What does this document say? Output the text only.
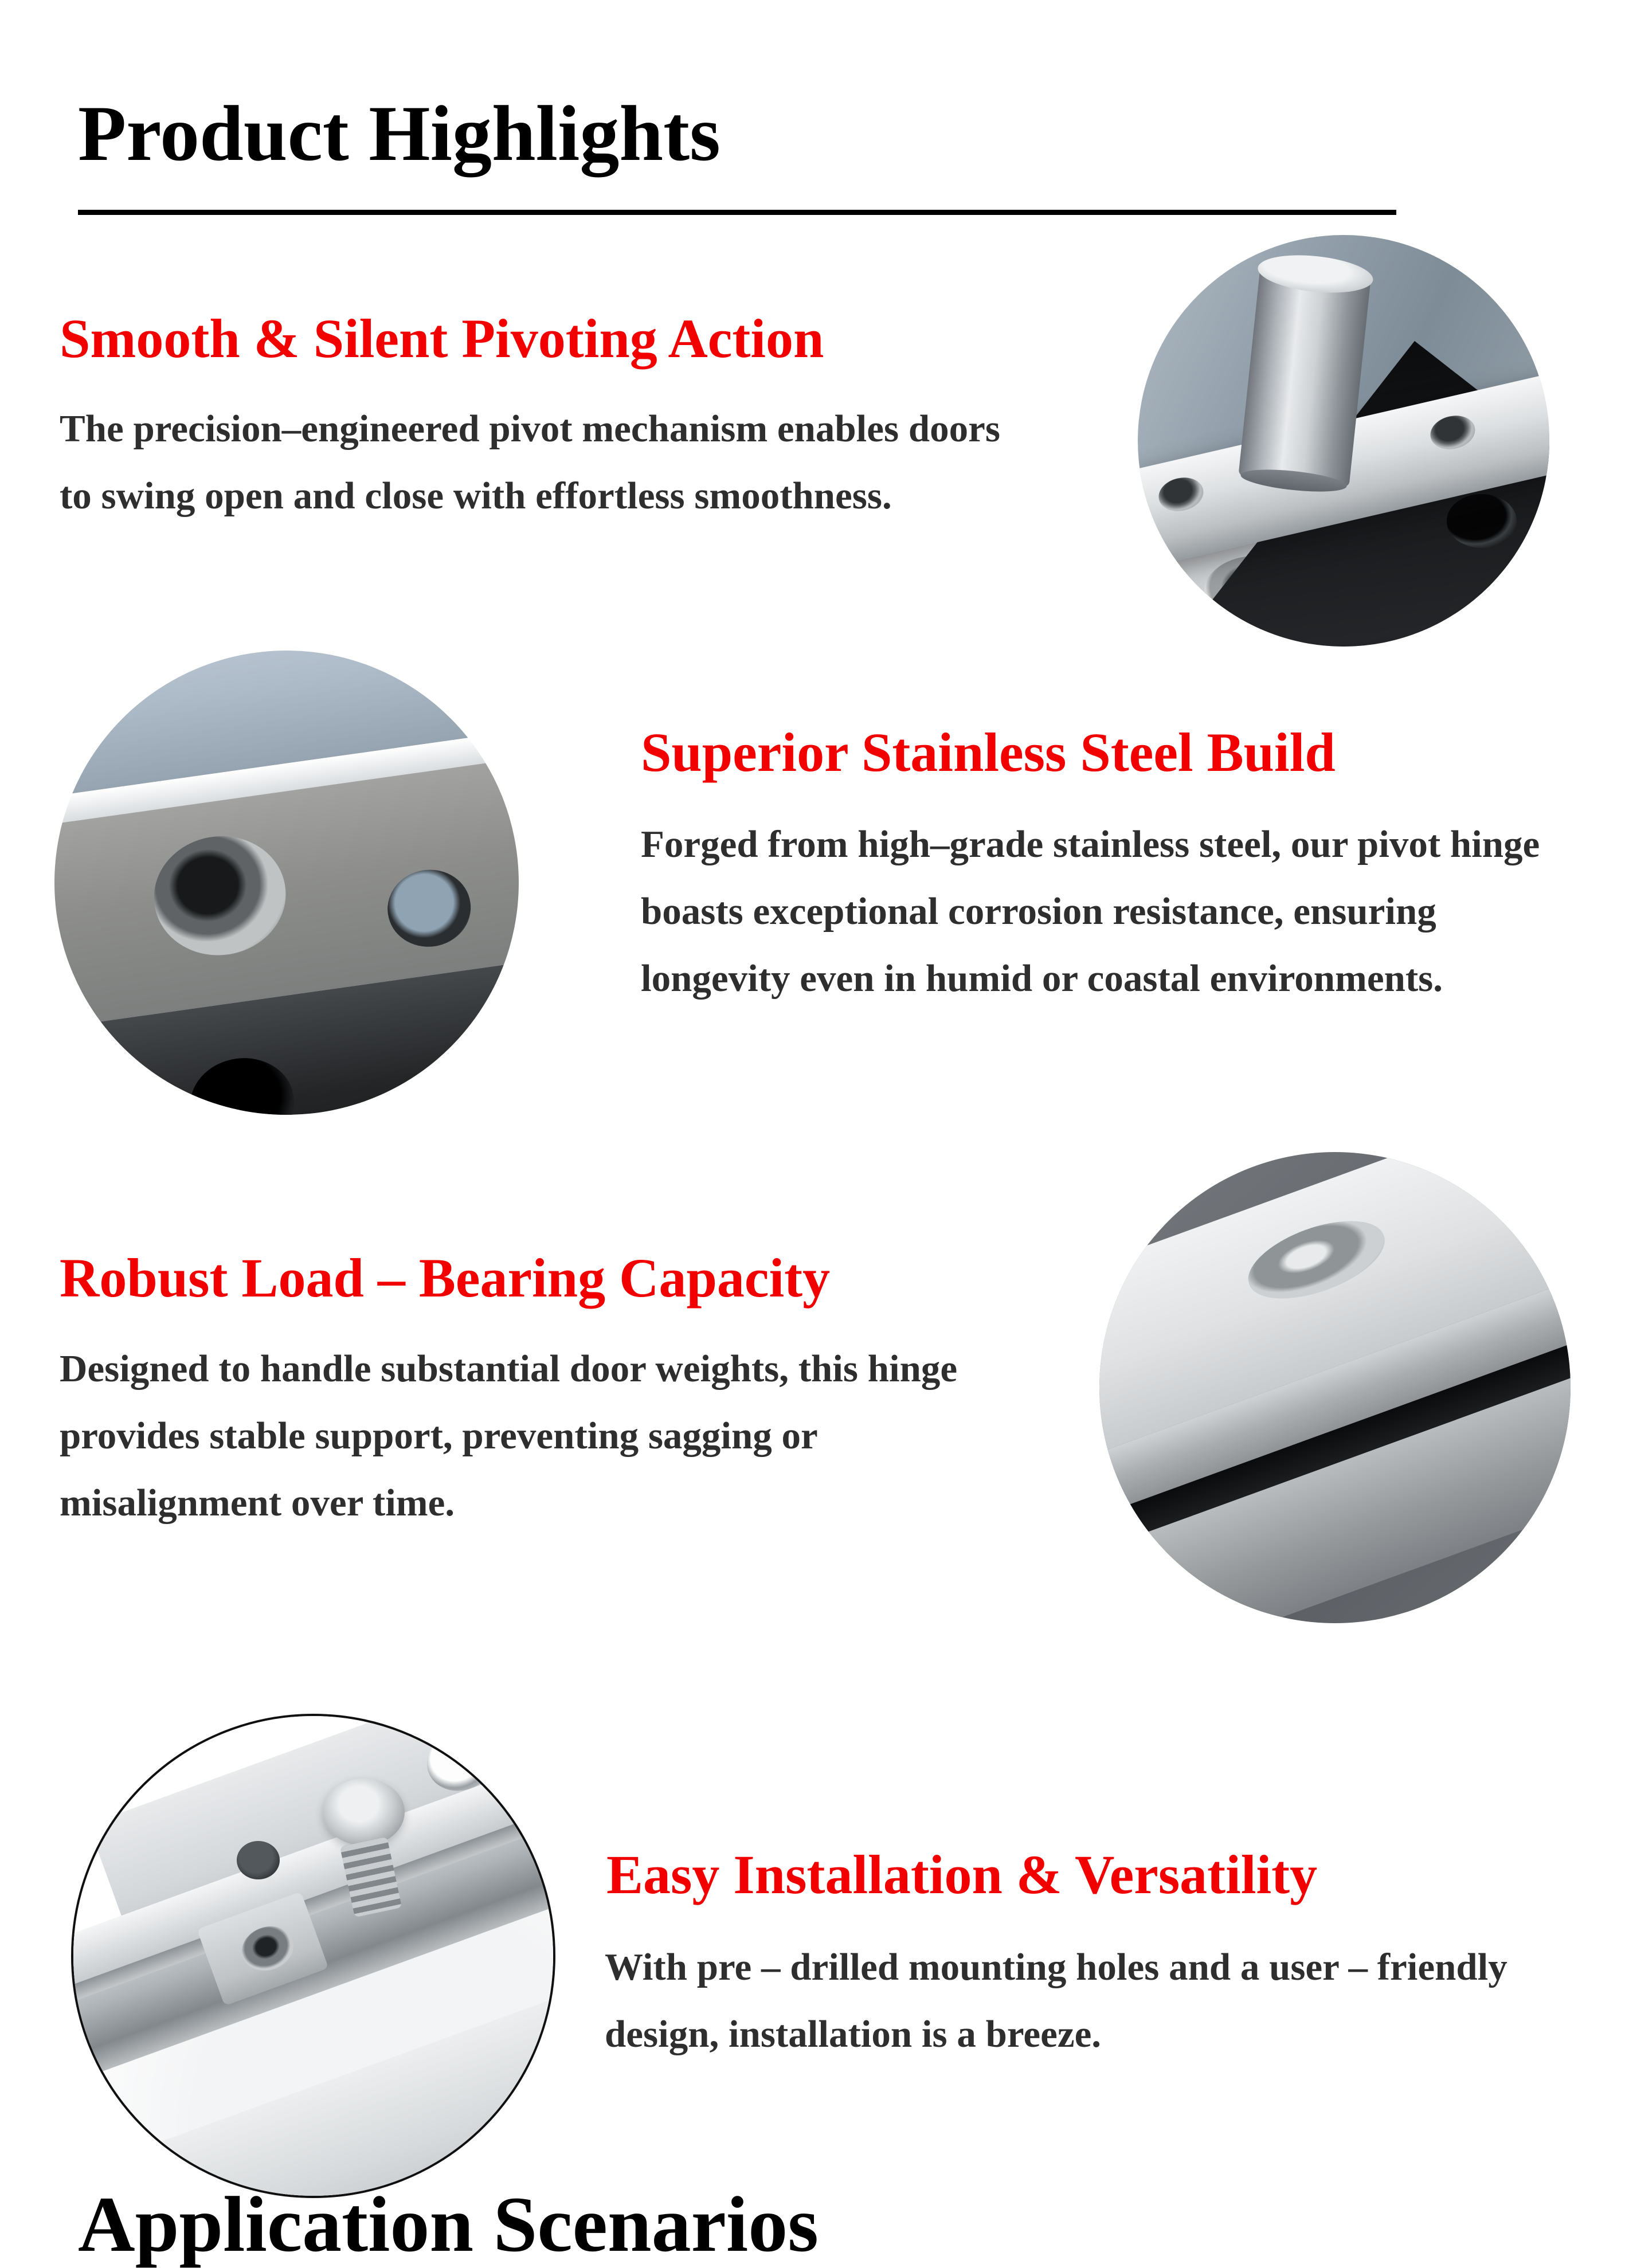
Product Highlights
Smooth & Silent Pivoting Action
The precision–engineered pivot mechanism enables doors
to swing open and close with effortless smoothness.
Superior Stainless Steel Build
Forged from high–grade stainless steel, our pivot hinge
boasts exceptional corrosion resistance, ensuring
longevity even in humid or coastal environments.
Robust Load – Bearing Capacity
Designed to handle substantial door weights, this hinge
provides stable support, preventing sagging or
misalignment over time.
Easy Installation & Versatility
With pre – drilled mounting holes and a user – friendly
design, installation is a breeze.
Application Scenarios
